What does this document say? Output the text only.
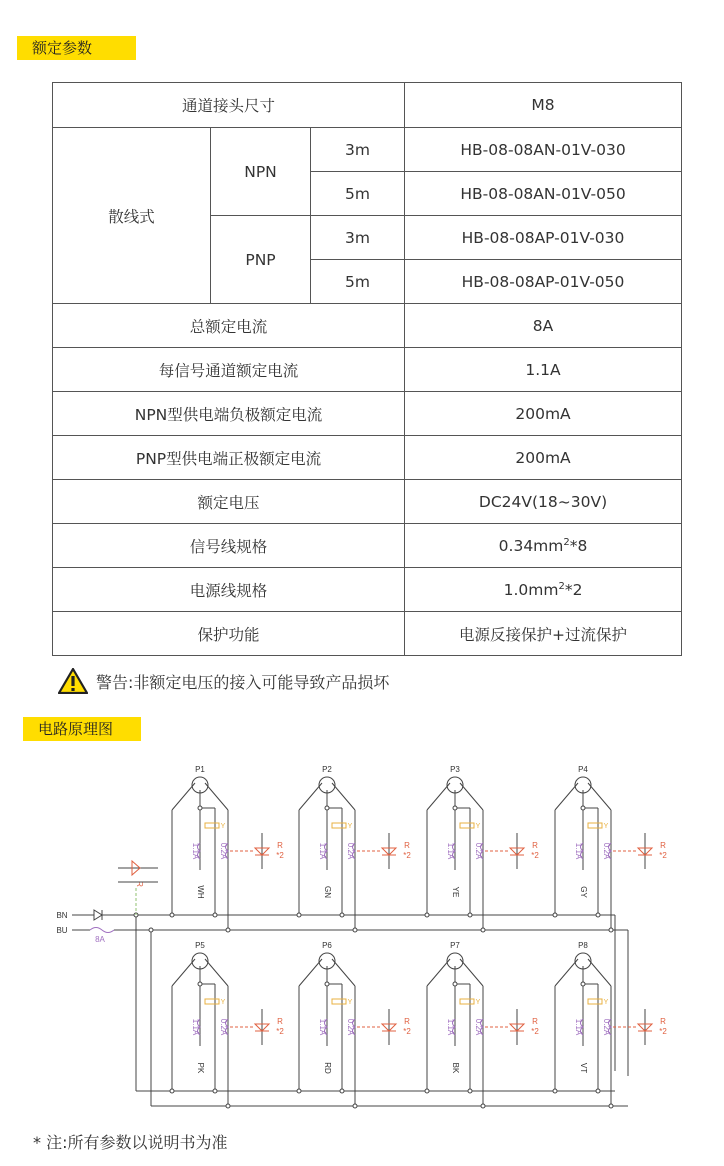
额定参数
通道接头尺寸			M8
散线式	NPN	3m	HB-08-08AN-01V-030
		5m	HB-08-08AN-01V-050
	PNP	3m	HB-08-08AP-01V-030
		5m	HB-08-08AP-01V-050
总额定电流			8A
每信号通道额定电流			1.1A
NPN型供电端负极额定电流			200mA
PNP型供电端正极额定电流			200mA
额定电压			DC24V(18~30V)
信号线规格			$0.34mm^2*8$
电源线规格			$1.0mm^2*2$
保护功能			电源反接保护+过流保护
警告:非额定电压的接入可能导致产品损坏
电路原理图
BN
BU
8A
R
P1
Y
1.1A 0.2A	R
*2
WH
P2
Y
1.1A 0.2A	R
*2
GN
P3
Y
1.1A 0.2A	R
*2
YE
P4
Y
1.1A 0.2A	R
*2
GY
P5
Y
1.1A 0.2A	R
*2
PK
P6
Y
1.1A 0.2A	R
*2
RD
P7
Y
1.1A 0.2A	R
*2
BK
P8
Y
1.1A 0.2A	R
*2
VT
* 注:所有参数以说明书为准
